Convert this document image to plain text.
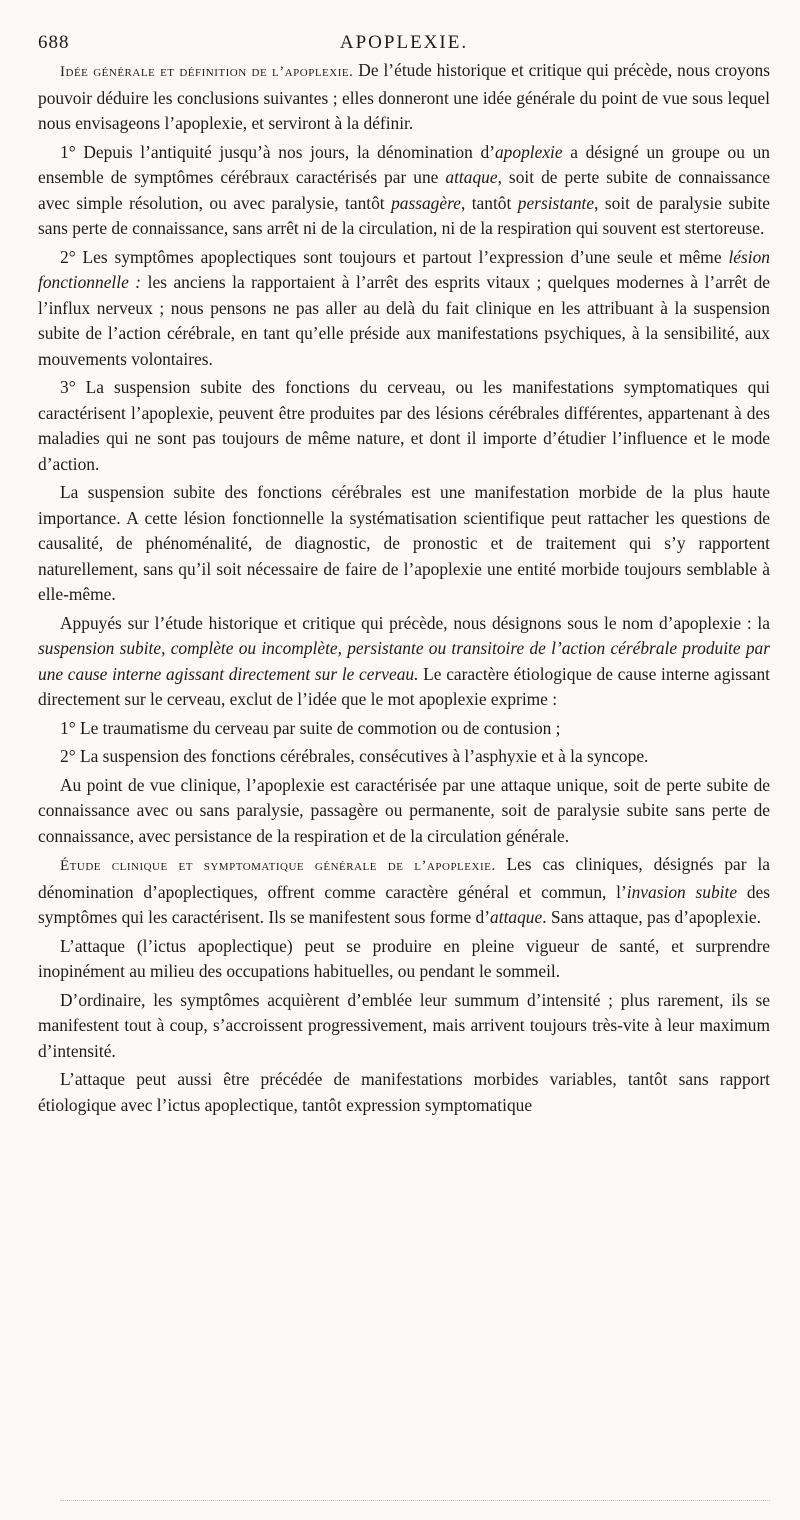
688	APOPLEXIE.

Idée générale et définition de l’apoplexie. De l’étude historique et critique qui précède, nous croyons pouvoir déduire les conclusions suivantes ; elles donneront une idée générale du point de vue sous lequel nous envisageons l’apoplexie, et serviront à la définir.

1° Depuis l’antiquité jusqu’à nos jours, la dénomination d’apoplexie a désigné un groupe ou un ensemble de symptômes cérébraux caractérisés par une attaque, soit de perte subite de connaissance avec simple résolution, ou avec paralysie, tantôt passagère, tantôt persistante, soit de paralysie subite sans perte de connaissance, sans arrêt ni de la circulation, ni de la respiration qui souvent est stertoreuse.

2° Les symptômes apoplectiques sont toujours et partout l’expression d’une seule et même lésion fonctionnelle : les anciens la rapportaient à l’arrêt des esprits vitaux ; quelques modernes à l’arrêt de l’influx nerveux ; nous pensons ne pas aller au delà du fait clinique en les attribuant à la suspension subite de l’action cérébrale, en tant qu’elle préside aux manifestations psychiques, à la sensibilité, aux mouvements volontaires.

3° La suspension subite des fonctions du cerveau, ou les manifestations symptomatiques qui caractérisent l’apoplexie, peuvent être produites par des lésions cérébrales différentes, appartenant à des maladies qui ne sont pas toujours de même nature, et dont il importe d’étudier l’influence et le mode d’action.

La suspension subite des fonctions cérébrales est une manifestation morbide de la plus haute importance. A cette lésion fonctionnelle la systématisation scientifique peut rattacher les questions de causalité, de phénoménalité, de diagnostic, de pronostic et de traitement qui s’y rapportent naturellement, sans qu’il soit nécessaire de faire de l’apoplexie une entité morbide toujours semblable à elle-même.

Appuyés sur l’étude historique et critique qui précède, nous désignons sous le nom d’apoplexie : la suspension subite, complète ou incomplète, persistante ou transitoire de l’action cérébrale produite par une cause interne agissant directement sur le cerveau. Le caractère étiologique de cause interne agissant directement sur le cerveau, exclut de l’idée que le mot apoplexie exprime :

1° Le traumatisme du cerveau par suite de commotion ou de contusion ;

2° La suspension des fonctions cérébrales, consécutives à l’asphyxie et à la syncope.

Au point de vue clinique, l’apoplexie est caractérisée par une attaque unique, soit de perte subite de connaissance avec ou sans paralysie, passagère ou permanente, soit de paralysie subite sans perte de connaissance, avec persistance de la respiration et de la circulation générale.

Étude clinique et symptomatique générale de l’apoplexie. Les cas cliniques, désignés par la dénomination d’apoplectiques, offrent comme caractère général et commun, l’invasion subite des symptômes qui les caractérisent. Ils se manifestent sous forme d’attaque. Sans attaque, pas d’apoplexie.

L’attaque (l’ictus apoplectique) peut se produire en pleine vigueur de santé, et surprendre inopinément au milieu des occupations habituelles, ou pendant le sommeil.

D’ordinaire, les symptômes acquièrent d’emblée leur summum d’intensité ; plus rarement, ils se manifestent tout à coup, s’accroissent progressivement, mais arrivent toujours très-vite à leur maximum d’intensité.

L’attaque peut aussi être précédée de manifestations morbides variables, tantôt sans rapport étiologique avec l’ictus apoplectique, tantôt expression symptomatique
